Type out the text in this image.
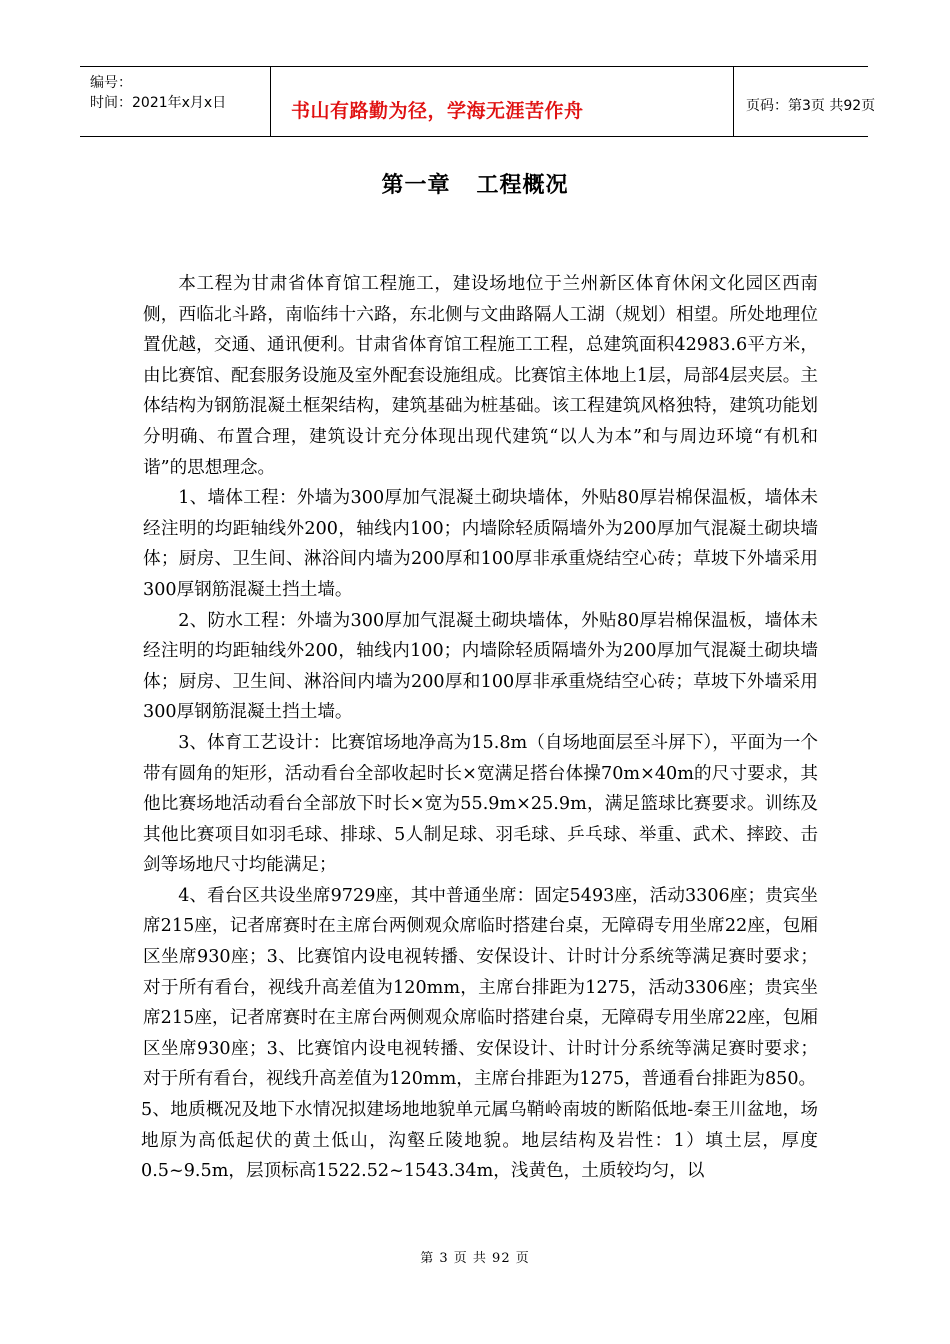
编号：
时间：2021年x月x日	书山有路勤为径，学海无涯苦作舟	页码：第3页 共92页
第一章 工程概况

本工程为甘肃省体育馆工程施工，建设场地位于兰州新区体育休闲文化园区西南侧，西临北斗路，南临纬十六路，东北侧与文曲路隔人工湖（规划）相望。所处地理位置优越，交通、通讯便利。甘肃省体育馆工程施工工程，总建筑面积42983.6平方米，由比赛馆、配套服务设施及室外配套设施组成。比赛馆主体地上1层，局部4层夹层。主体结构为钢筋混凝土框架结构，建筑基础为桩基础。该工程建筑风格独特，建筑功能划分明确、布置合理，建筑设计充分体现出现代建筑“以人为本”和与周边环境“有机和谐”的思想理念。

1、墙体工程：外墙为300厚加气混凝土砌块墙体，外贴80厚岩棉保温板，墙体未经注明的均距轴线外200，轴线内100；内墙除轻质隔墙外为200厚加气混凝土砌块墙体；厨房、卫生间、淋浴间内墙为200厚和100厚非承重烧结空心砖；草坡下外墙采用300厚钢筋混凝土挡土墙。

2、防水工程：外墙为300厚加气混凝土砌块墙体，外贴80厚岩棉保温板，墙体未经注明的均距轴线外200，轴线内100；内墙除轻质隔墙外为200厚加气混凝土砌块墙体；厨房、卫生间、淋浴间内墙为200厚和100厚非承重烧结空心砖；草坡下外墙采用300厚钢筋混凝土挡土墙。

3、体育工艺设计：比赛馆场地净高为15.8m（自场地面层至斗屏下），平面为一个带有圆角的矩形，活动看台全部收起时长×宽满足搭台体操70m×40m的尺寸要求，其他比赛场地活动看台全部放下时长×宽为55.9m×25.9m，满足篮球比赛要求。训练及其他比赛项目如羽毛球、排球、5人制足球、羽毛球、乒乓球、举重、武术、摔跤、击剑等场地尺寸均能满足；

4、看台区共设坐席9729座，其中普通坐席：固定5493座，活动3306座；贵宾坐席215座，记者席赛时在主席台两侧观众席临时搭建台桌，无障碍专用坐席22座，包厢区坐席930座；3、比赛馆内设电视转播、安保设计、计时计分系统等满足赛时要求；对于所有看台，视线升高差值为120mm，主席台排距为1275，活动3306座；贵宾坐席215座，记者席赛时在主席台两侧观众席临时搭建台桌，无障碍专用坐席22座，包厢区坐席930座；3、比赛馆内设电视转播、安保设计、计时计分系统等满足赛时要求；对于所有看台，视线升高差值为120mm，主席台排距为1275，普通看台排距为850。

5、地质概况及地下水情况拟建场地地貌单元属乌鞘岭南坡的断陷低地-秦王川盆地，场地原为高低起伏的黄土低山，沟壑丘陵地貌。地层结构及岩性：1）填土层，厚度0.5~9.5m，层顶标高1522.52~1543.34m，浅黄色，土质较均匀，以

第 3 页 共 92 页
